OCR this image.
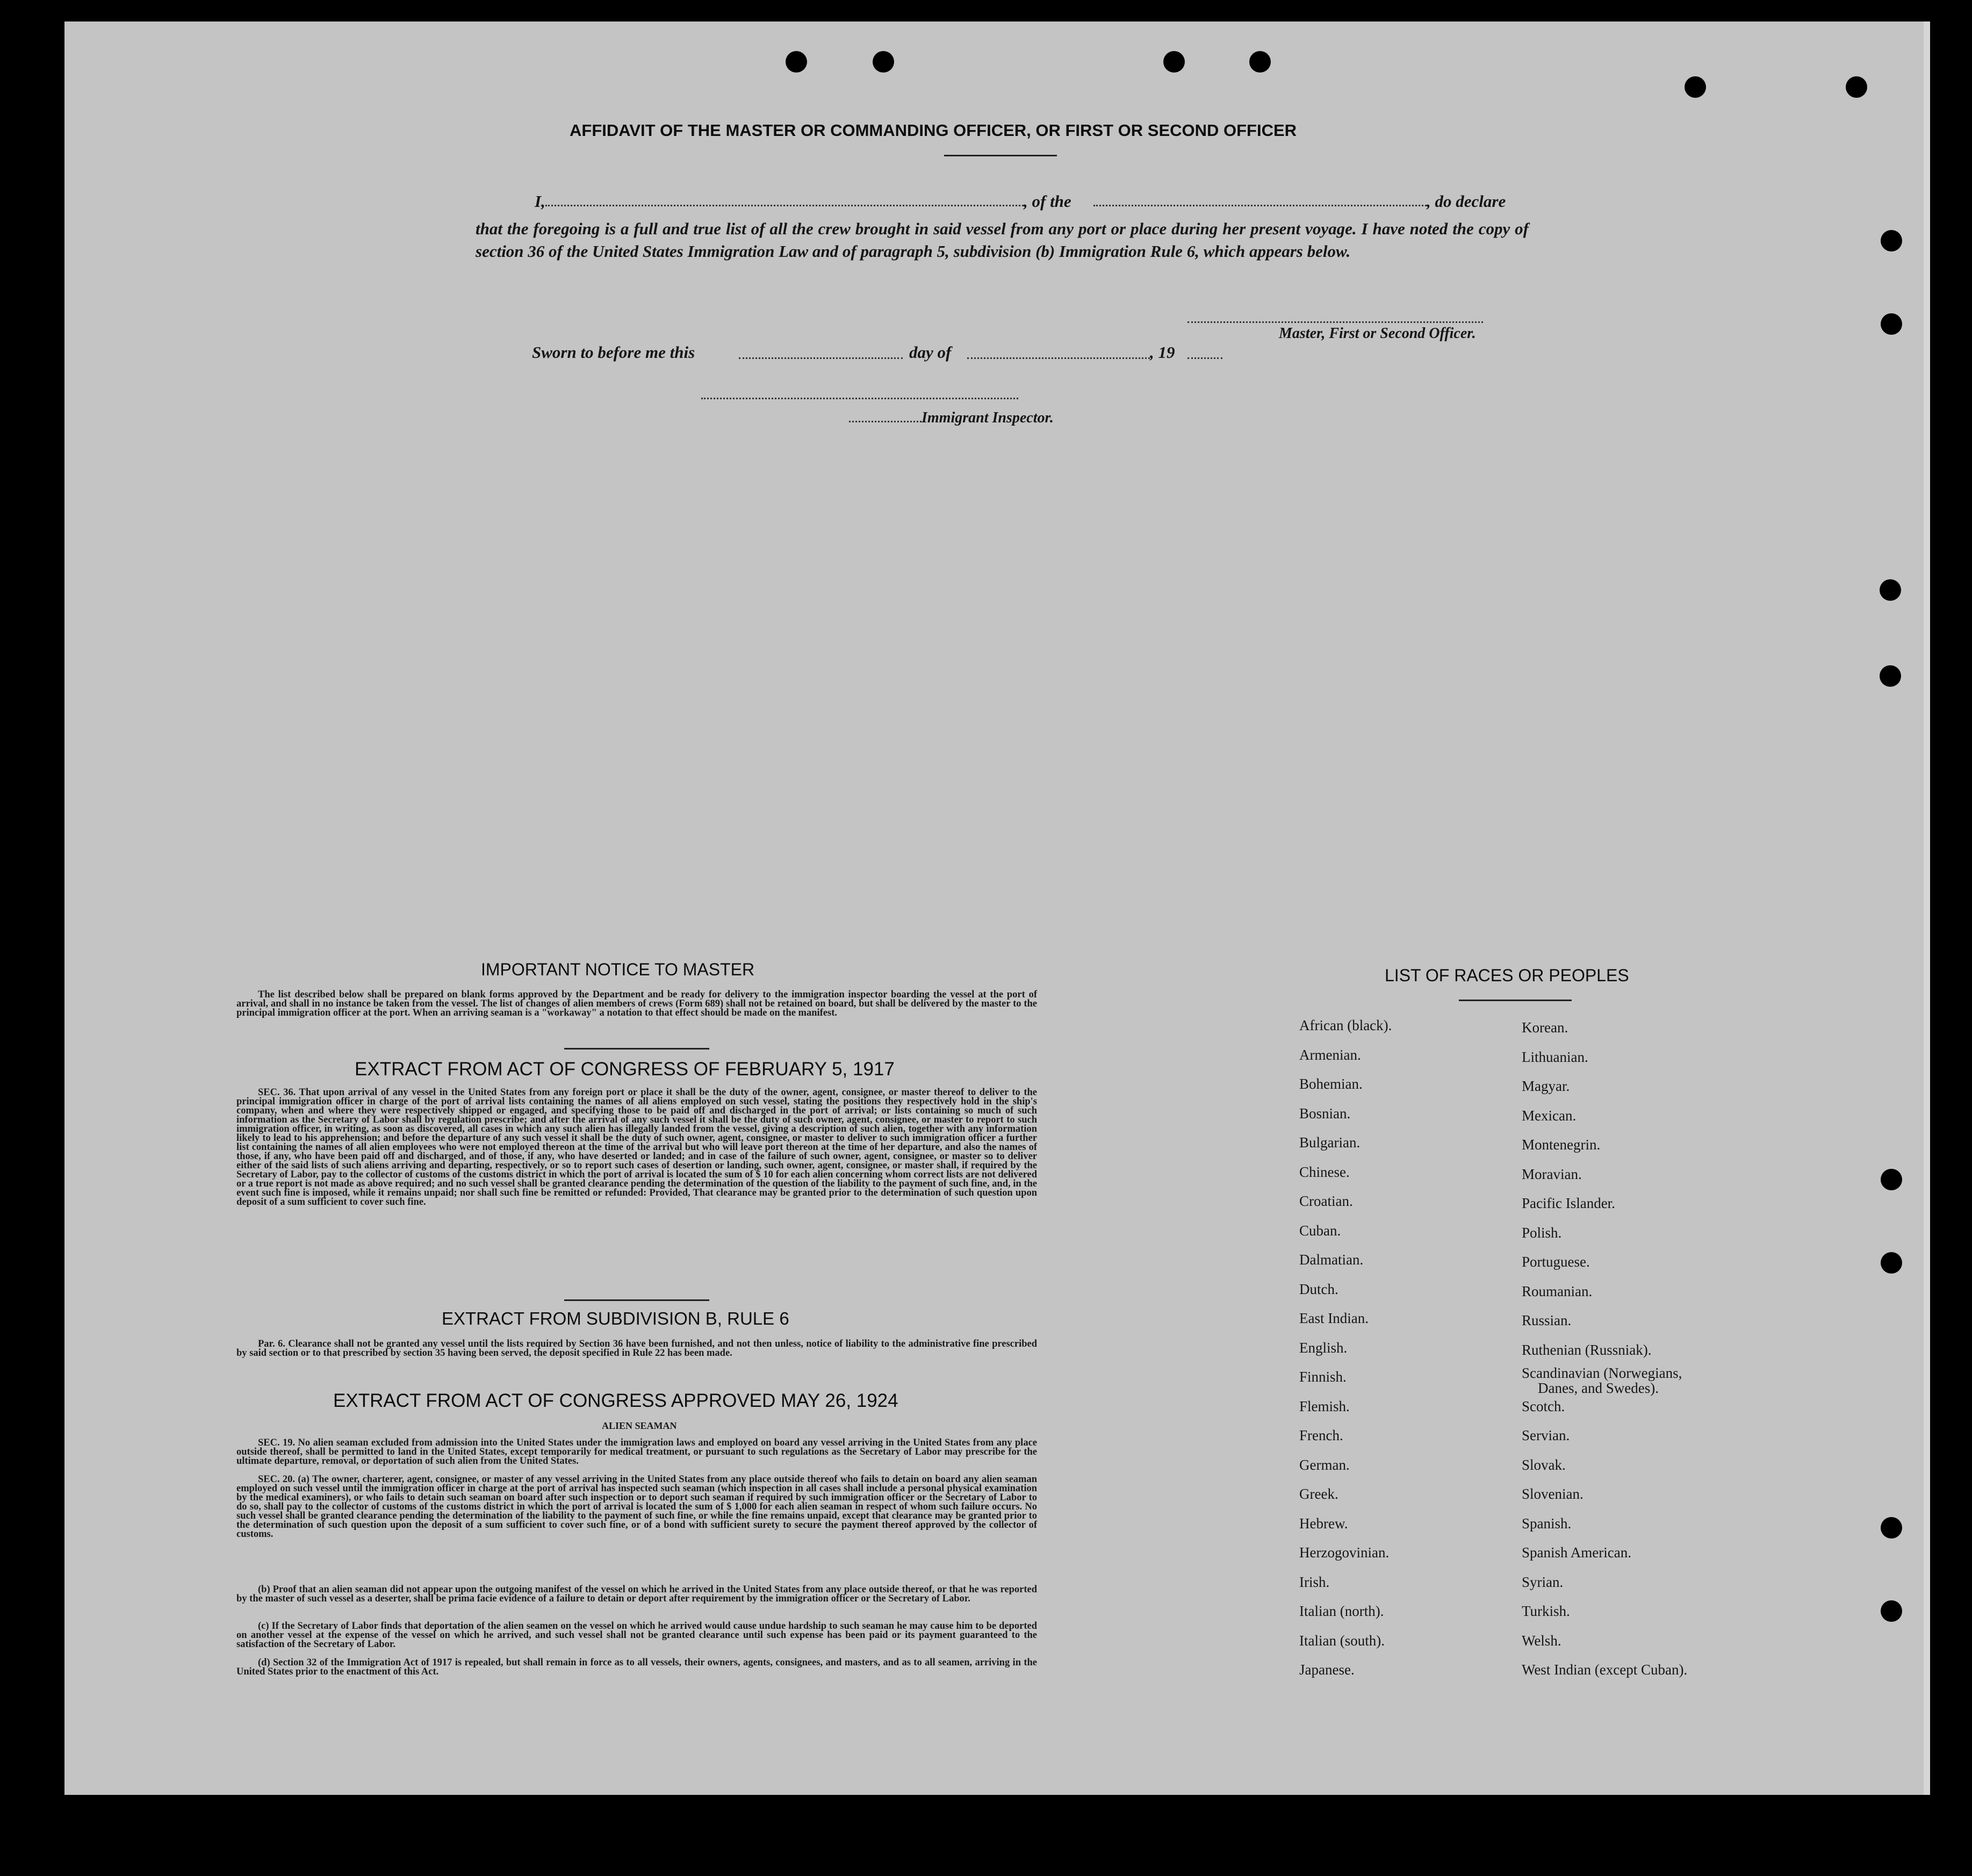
AFFIDAVIT OF THE MASTER OR COMMANDING OFFICER, OR FIRST OR SECOND OFFICER
I,	, of the	, do declare
that the foregoing is a full and true list of all the crew brought in said vessel from any port or place during her present voyage. I have noted the copy of section 36 of the United States Immigration Law and of paragraph 5, subdivision (b) Immigration Rule 6, which appears below.
Master, First or Second Officer.
Sworn to before me this	day of	, 19
Immigrant Inspector.
IMPORTANT NOTICE TO MASTER
The list described below shall be prepared on blank forms approved by the Department and be ready for delivery to the immigration inspector boarding the vessel at the port of arrival, and shall in no instance be taken from the vessel. The list of changes of alien members of crews (Form 689) shall not be retained on board, but shall be delivered by the master to the principal immigration officer at the port. When an arriving seaman is a "workaway" a notation to that effect should be made on the manifest.
EXTRACT FROM ACT OF CONGRESS OF FEBRUARY 5, 1917
SEC. 36. That upon arrival of any vessel in the United States from any foreign port or place it shall be the duty of the owner, agent, consignee, or master thereof to deliver to the principal immigration officer in charge of the port of arrival lists containing the names of all aliens employed on such vessel, stating the positions they respectively hold in the ship's company, when and where they were respectively shipped or engaged, and specifying those to be paid off and discharged in the port of arrival; or lists containing so much of such information as the Secretary of Labor shall by regulation prescribe; and after the arrival of any such vessel it shall be the duty of such owner, agent, consignee, or master to report to such immigration officer, in writing, as soon as discovered, all cases in which any such alien has illegally landed from the vessel, giving a description of such alien, together with any information likely to lead to his apprehension; and before the departure of any such vessel it shall be the duty of such owner, agent, consignee, or master to deliver to such immigration officer a further list containing the names of all alien employees who were not employed thereon at the time of the arrival but who will leave port thereon at the time of her departure, and also the names of those, if any, who have been paid off and discharged, and of those, if any, who have deserted or landed; and in case of the failure of such owner, agent, consignee, or master so to deliver either of the said lists of such aliens arriving and departing, respectively, or so to report such cases of desertion or landing, such owner, agent, consignee, or master shall, if required by the Secretary of Labor, pay to the collector of customs of the customs district in which the port of arrival is located the sum of $ 10 for each alien concerning whom correct lists are not delivered or a true report is not made as above required; and no such vessel shall be granted clearance pending the determination of the question of the liability to the payment of such fine, and, in the event such fine is imposed, while it remains unpaid; nor shall such fine be remitted or refunded: Provided, That clearance may be granted prior to the determination of such question upon deposit of a sum sufficient to cover such fine.
EXTRACT FROM SUBDIVISION B, RULE 6
Par. 6. Clearance shall not be granted any vessel until the lists required by Section 36 have been furnished, and not then unless, notice of liability to the administrative fine prescribed by said section or to that prescribed by section 35 having been served, the deposit specified in Rule 22 has been made.
EXTRACT FROM ACT OF CONGRESS APPROVED MAY 26, 1924
ALIEN SEAMAN
SEC. 19. No alien seaman excluded from admission into the United States under the immigration laws and employed on board any vessel arriving in the United States from any place outside thereof, shall be permitted to land in the United States, except temporarily for medical treatment, or pursuant to such regulations as the Secretary of Labor may prescribe for the ultimate departure, removal, or deportation of such alien from the United States.
SEC. 20. (a) The owner, charterer, agent, consignee, or master of any vessel arriving in the United States from any place outside thereof who fails to detain on board any alien seaman employed on such vessel until the immigration officer in charge at the port of arrival has inspected such seaman (which inspection in all cases shall include a personal physical examination by the medical examiners), or who fails to detain such seaman on board after such inspection or to deport such seaman if required by such immigration officer or the Secretary of Labor to do so, shall pay to the collector of customs of the customs district in which the port of arrival is located the sum of $ 1,000 for each alien seaman in respect of whom such failure occurs. No such vessel shall be granted clearance pending the determination of the liability to the payment of such fine, or while the fine remains unpaid, except that clearance may be granted prior to the determination of such question upon the deposit of a sum sufficient to cover such fine, or of a bond with sufficient surety to secure the payment thereof approved by the collector of customs.
(b) Proof that an alien seaman did not appear upon the outgoing manifest of the vessel on which he arrived in the United States from any place outside thereof, or that he was reported by the master of such vessel as a deserter, shall be prima facie evidence of a failure to detain or deport after requirement by the immigration officer or the Secretary of Labor.
(c) If the Secretary of Labor finds that deportation of the alien seamen on the vessel on which he arrived would cause undue hardship to such seaman he may cause him to be deported on another vessel at the expense of the vessel on which he arrived, and such vessel shall not be granted clearance until such expense has been paid or its payment guaranteed to the satisfaction of the Secretary of Labor.
(d) Section 32 of the Immigration Act of 1917 is repealed, but shall remain in force as to all vessels, their owners, agents, consignees, and masters, and as to all seamen, arriving in the United States prior to the enactment of this Act.
LIST OF RACES OR PEOPLES
African (black).
Armenian.
Bohemian.
Bosnian.
Bulgarian.
Chinese.
Croatian.
Cuban.
Dalmatian.
Dutch.
East Indian.
English.
Finnish.
Flemish.
French.
German.
Greek.
Hebrew.
Herzogovinian.
Irish.
Italian (north).
Italian (south).
Japanese.
Korean.
Lithuanian.
Magyar.
Mexican.
Montenegrin.
Moravian.
Pacific Islander.
Polish.
Portuguese.
Roumanian.
Russian.
Ruthenian (Russniak).
Scandinavian (Norwegians,
Danes, and Swedes).
Scotch.
Servian.
Slovak.
Slovenian.
Spanish.
Spanish American.
Syrian.
Turkish.
Welsh.
West Indian (except Cuban).
